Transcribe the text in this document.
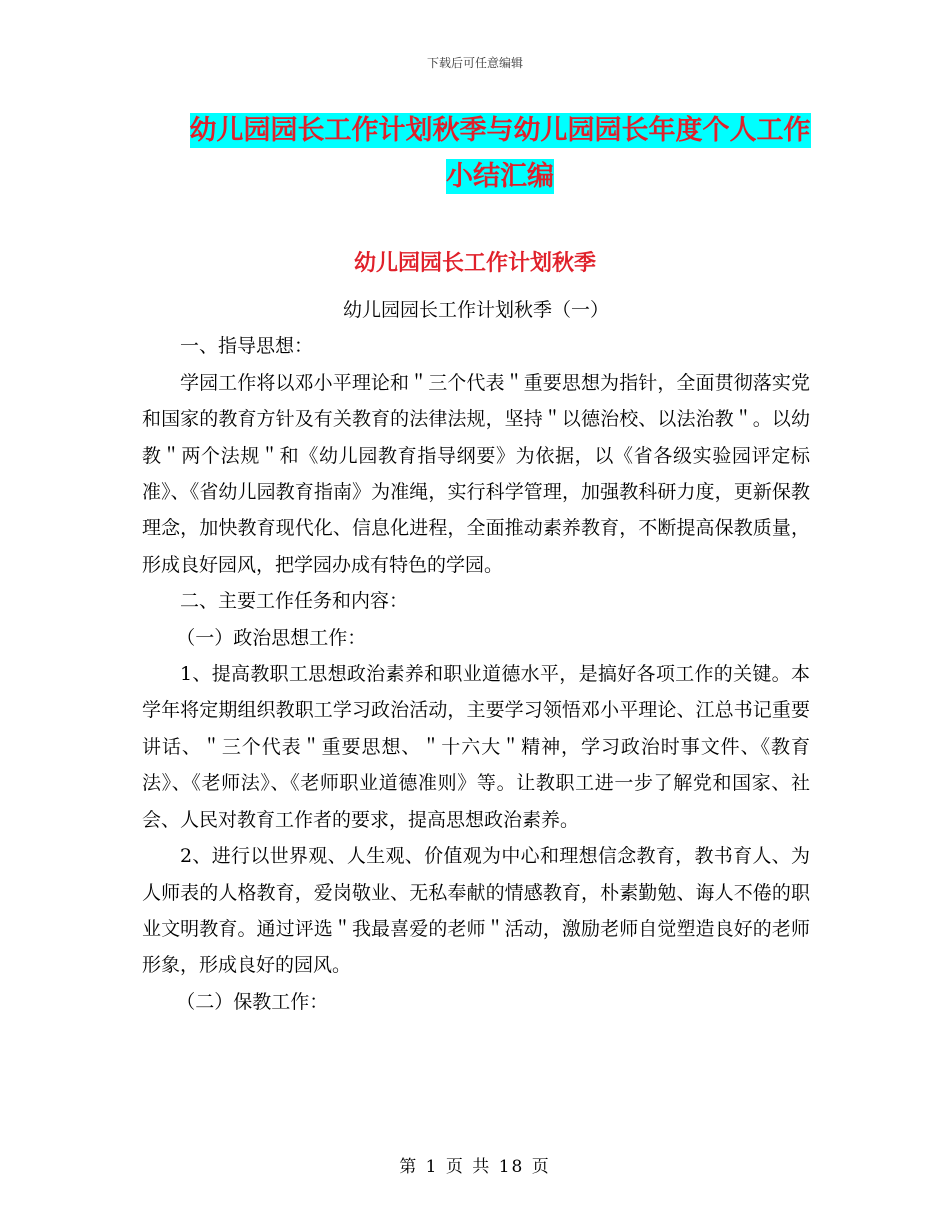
下载后可任意编辑
幼儿园园长工作计划秋季与幼儿园园长年度个人工作
小结汇编
幼儿园园长工作计划秋季

幼儿园园长工作计划秋季（一）

一、指导思想：

学园工作将以邓小平理论和＂三个代表＂重要思想为指针，全面贯彻落实党和国家的教育方针及有关教育的法律法规，坚持＂以德治校、以法治教＂。以幼教＂两个法规＂和《幼儿园教育指导纲要》为依据，以《省各级实验园评定标准》、《省幼儿园教育指南》为准绳，实行科学管理，加强教科研力度，更新保教理念，加快教育现代化、信息化进程，全面推动素养教育，不断提高保教质量，形成良好园风，把学园办成有特色的学园。

二、主要工作任务和内容：

（一）政治思想工作：

1、提高教职工思想政治素养和职业道德水平，是搞好各项工作的关键。本学年将定期组织教职工学习政治活动，主要学习领悟邓小平理论、江总书记重要讲话、＂三个代表＂重要思想、＂十六大＂精神，学习政治时事文件、《教育法》、《老师法》、《老师职业道德准则》等。让教职工进一步了解党和国家、社会、人民对教育工作者的要求，提高思想政治素养。

2、进行以世界观、人生观、价值观为中心和理想信念教育，教书育人、为人师表的人格教育，爱岗敬业、无私奉献的情感教育，朴素勤勉、诲人不倦的职业文明教育。通过评选＂我最喜爱的老师＂活动，激励老师自觉塑造良好的老师形象，形成良好的园风。

（二）保教工作：

第 1 页 共 18 页
